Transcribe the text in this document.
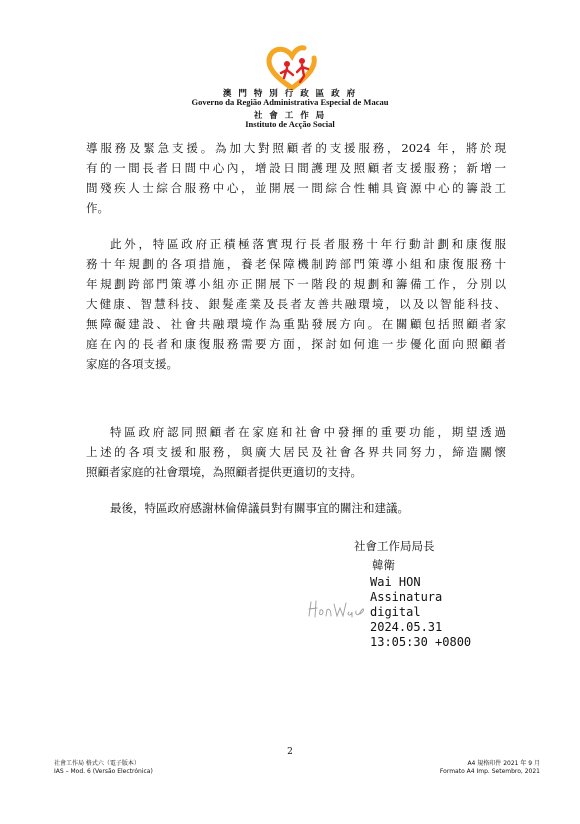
澳 門 特 別 行 政 區 政 府
Governo da Região Administrativa Especial de Macau
社 會 工 作 局
Instituto de Acção Social
導服務及緊急支援。為加大對照顧者的支援服務，2024 年，將於現
有的一間長者日間中心內，增設日間護理及照顧者支援服務；新增一
間殘疾人士綜合服務中心，並開展一間綜合性輔具資源中心的籌設工
作。
此外，特區政府正積極落實現行長者服務十年行動計劃和康復服
務十年規劃的各項措施，養老保障機制跨部門策導小組和康復服務十
年規劃跨部門策導小組亦正開展下一階段的規劃和籌備工作，分別以
大健康、智慧科技、銀髮產業及長者友善共融環境，以及以智能科技、
無障礙建設、社會共融環境作為重點發展方向。在關顧包括照顧者家
庭在內的長者和康復服務需要方面，探討如何進一步優化面向照顧者
家庭的各項支援。
特區政府認同照顧者在家庭和社會中發揮的重要功能，期望透過
上述的各項支援和服務，與廣大居民及社會各界共同努力，締造關懷
照顧者家庭的社會環境，為照顧者提供更適切的支持。
最後，特區政府感謝林倫偉議員對有關事宜的關注和建議。
社會工作局局長
韓衛
Wai HON
Assinatura
digital
2024.05.31
13:05:30 +0800
2
社會工作局 格式六（電子版本）
IAS – Mod. 6 (Versão Electrónica)
A4 規格印件 2021 年 9 月
Formato A4 Imp. Setembro, 2021
